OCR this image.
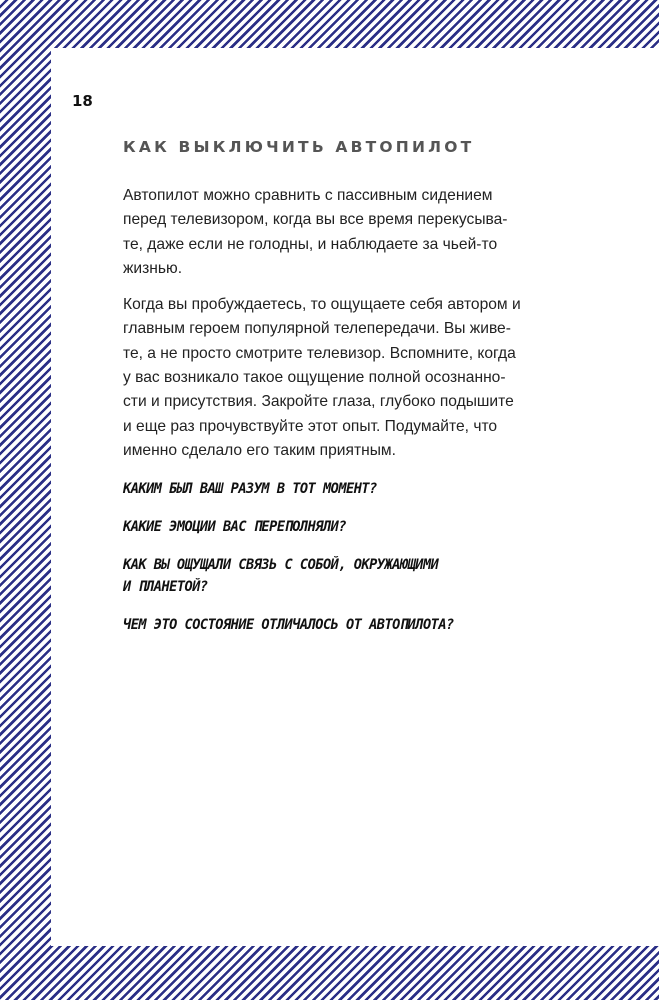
18

КАК ВЫКЛЮЧИТЬ АВТОПИЛОТ

Автопилот можно сравнить с пассивным сидением
перед телевизором, когда вы все время перекусыва-
те, даже если не голодны, и наблюдаете за чьей-то
жизнью.

Когда вы пробуждаетесь, то ощущаете себя автором и
главным героем популярной телепередачи. Вы живе-
те, а не просто смотрите телевизор. Вспомните, когда
у вас возникало такое ощущение полной осознанно-
сти и присутствия. Закройте глаза, глубоко подышите
и еще раз прочувствуйте этот опыт. Подумайте, что
именно сделало его таким приятным.

КАКИМ БЫЛ ВАШ РАЗУМ В ТОТ МОМЕНТ?

КАКИЕ ЭМОЦИИ ВАС ПЕРЕПОЛНЯЛИ?

КАК ВЫ ОЩУЩАЛИ СВЯЗЬ С СОБОЙ, ОКРУЖАЮЩИМИ
И ПЛАНЕТОЙ?

ЧЕМ ЭТО СОСТОЯНИЕ ОТЛИЧАЛОСЬ ОТ АВТОПИЛОТА?
